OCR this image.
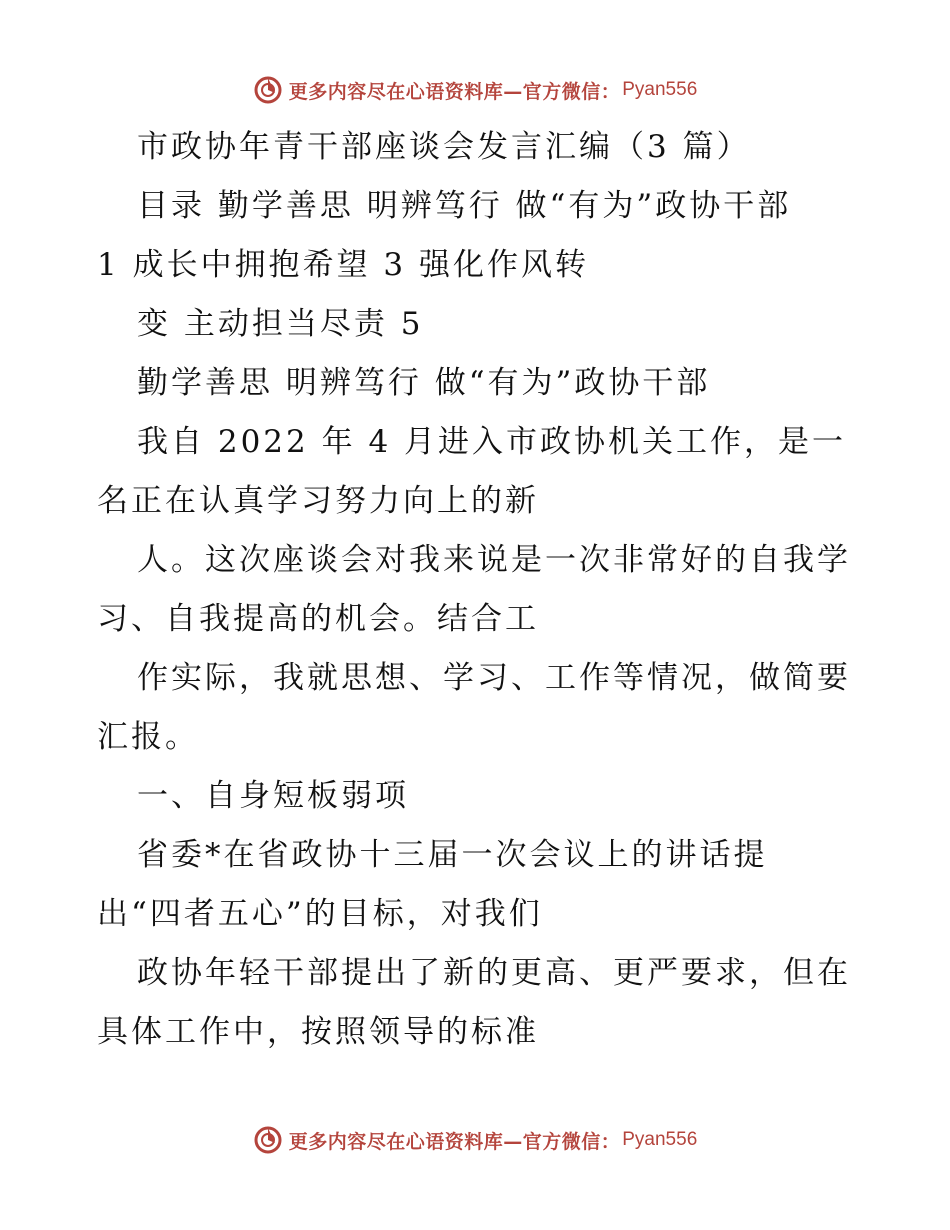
更多内容尽在心语资料库—官方微信： Pyan556
市政协年青干部座谈会发言汇编（3 篇）
目录 勤学善思 明辨笃行 做“有为”政协干部
1 成长中拥抱希望 3 强化作风转
变 主动担当尽责 5
勤学善思 明辨笃行 做“有为”政协干部
我自 2022 年 4 月进入市政协机关工作，是一
名正在认真学习努力向上的新
人。这次座谈会对我来说是一次非常好的自我学
习、自我提高的机会。结合工
作实际，我就思想、学习、工作等情况，做简要
汇报。
一、自身短板弱项
省委*在省政协十三届一次会议上的讲话提
出“四者五心”的目标，对我们
政协年轻干部提出了新的更高、更严要求，但在
具体工作中，按照领导的标准
更多内容尽在心语资料库—官方微信： Pyan556
